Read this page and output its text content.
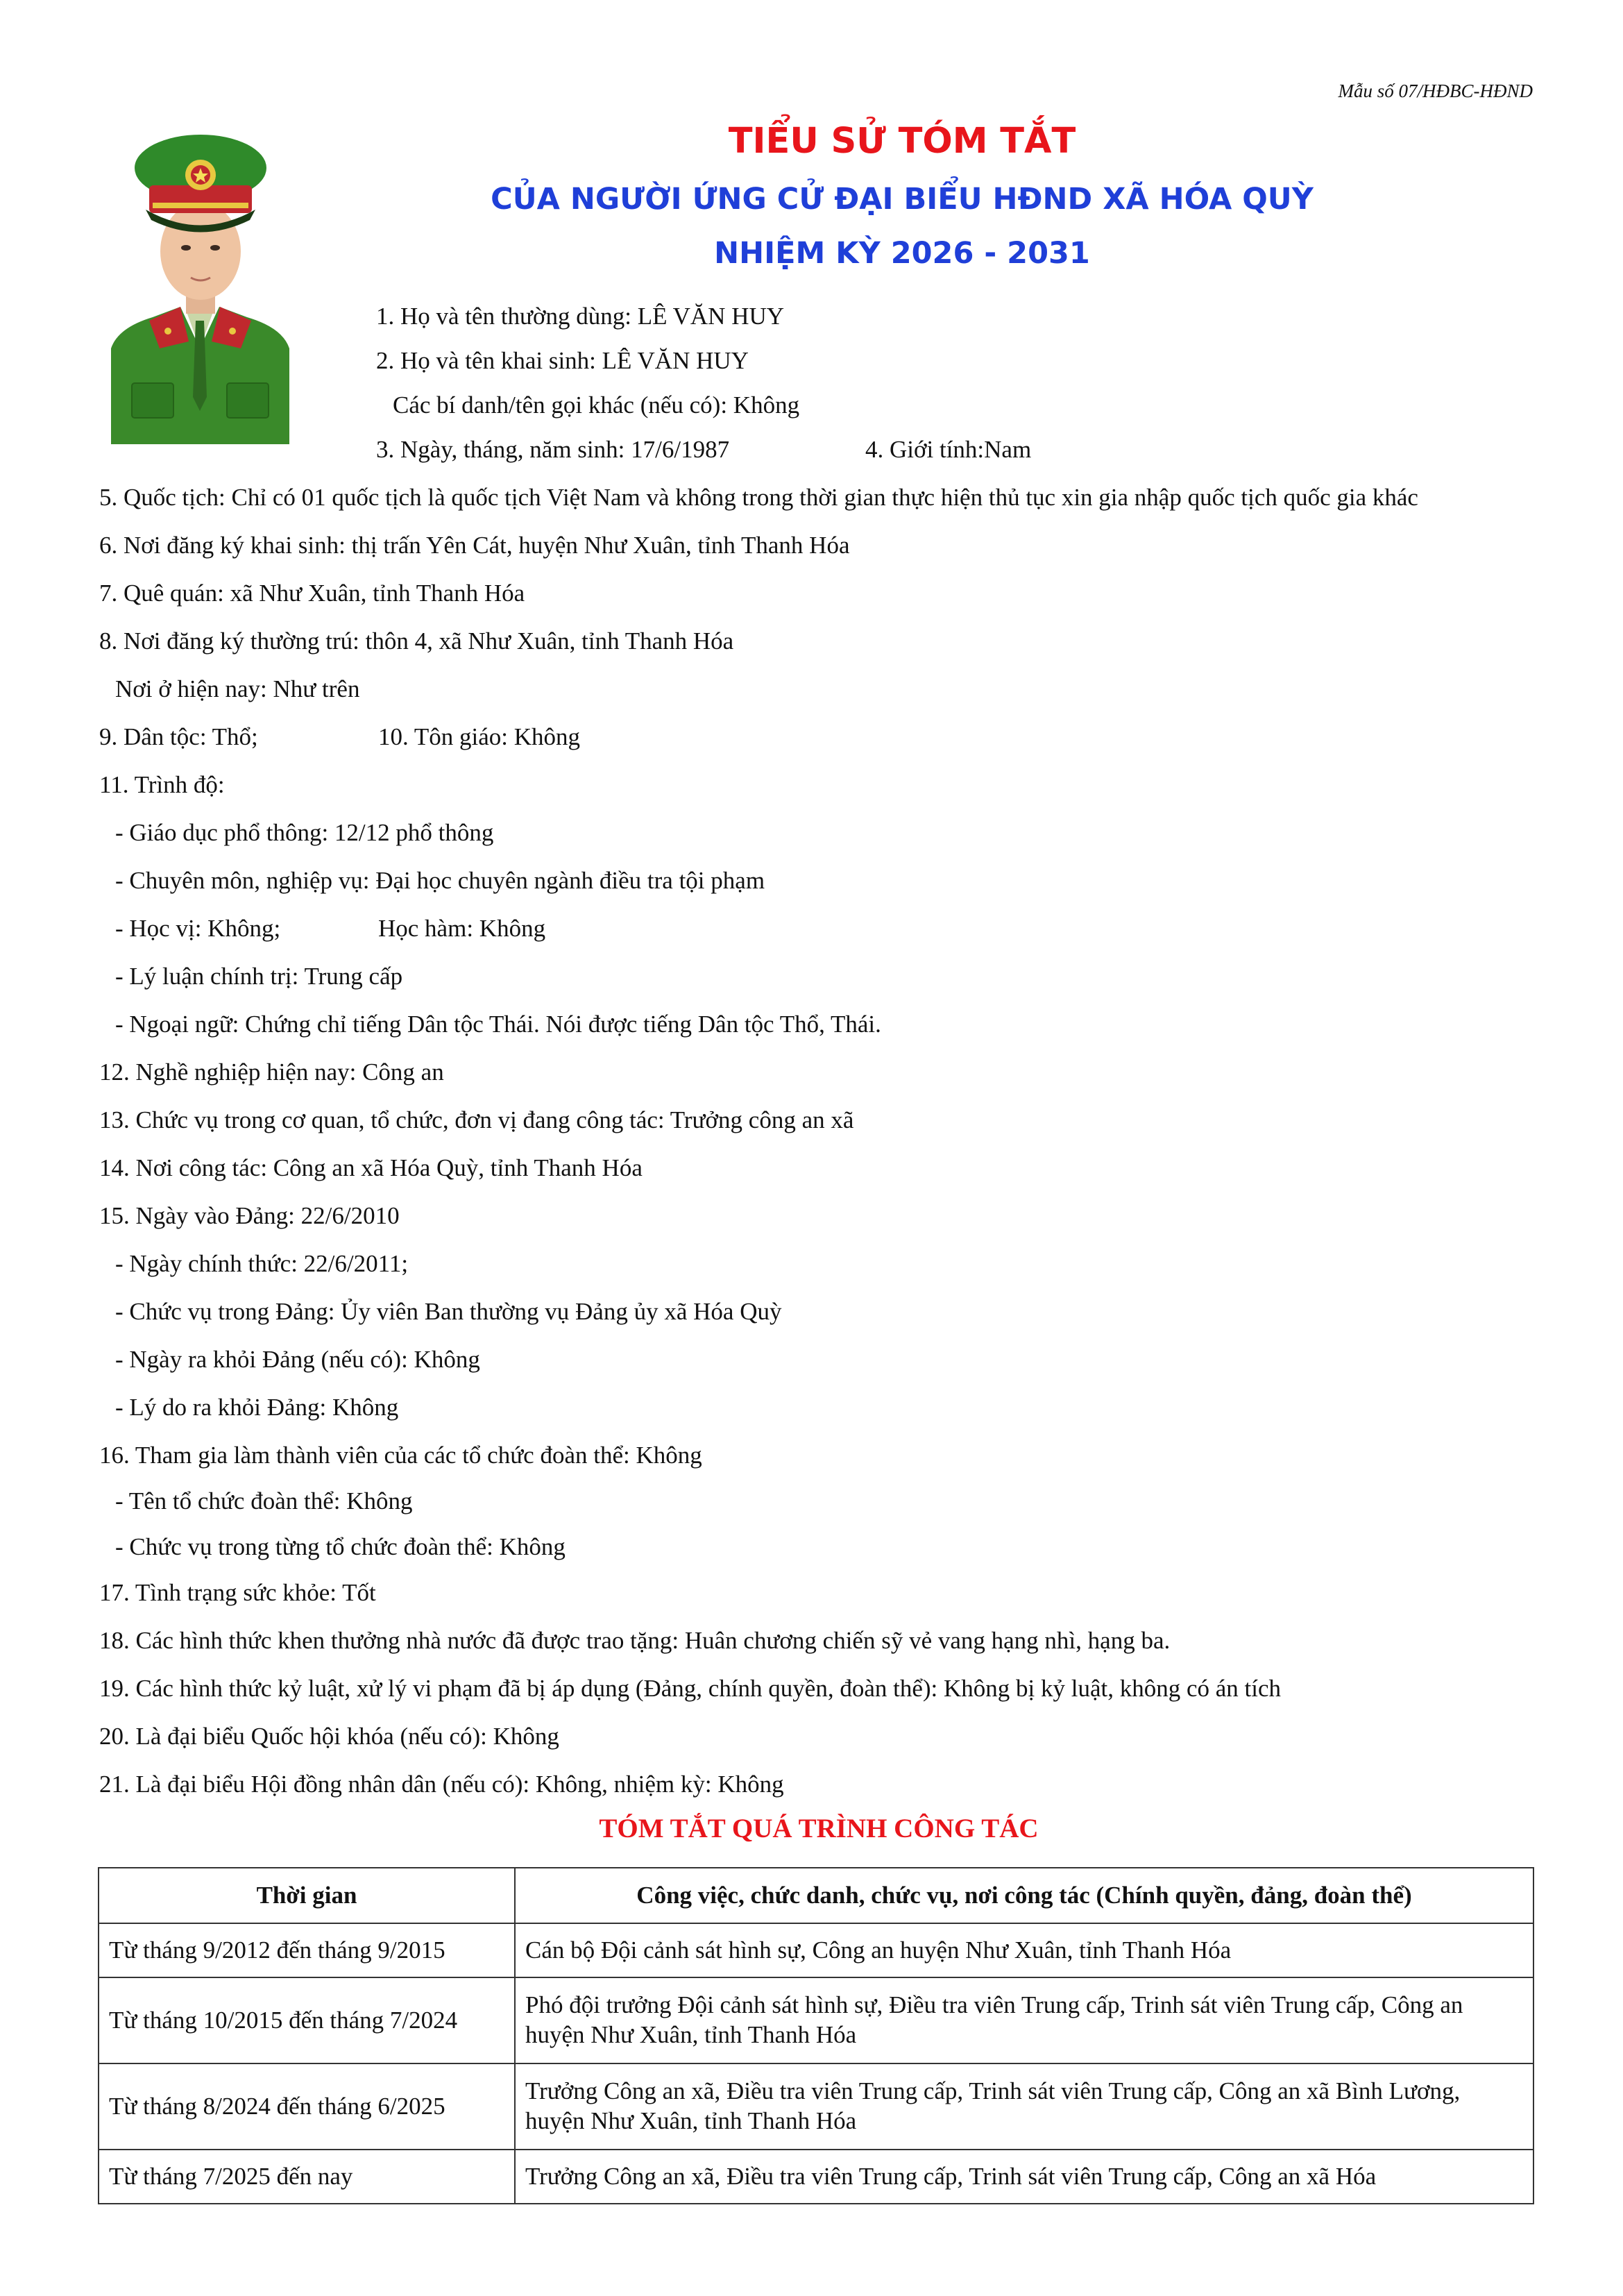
Mẫu số 07/HĐBC-HĐND
TIỂU SỬ TÓM TẮT
CỦA NGƯỜI ỨNG CỬ ĐẠI BIỂU HĐND XÃ HÓA QUỲ
NHIỆM KỲ 2026 - 2031
1. Họ và tên thường dùng: LÊ VĂN HUY
2. Họ và tên khai sinh: LÊ VĂN HUY
Các bí danh/tên gọi khác (nếu có): Không
3. Ngày, tháng, năm sinh: 17/6/1987	4. Giới tính:Nam
5. Quốc tịch: Chỉ có 01 quốc tịch là quốc tịch Việt Nam và không trong thời gian thực hiện thủ tục xin gia nhập quốc tịch quốc gia khác
6. Nơi đăng ký khai sinh: thị trấn Yên Cát, huyện Như Xuân, tỉnh Thanh Hóa
7. Quê quán: xã Như Xuân, tỉnh Thanh Hóa
8. Nơi đăng ký thường trú: thôn 4, xã Như Xuân, tỉnh Thanh Hóa
Nơi ở hiện nay: Như trên
9. Dân tộc: Thổ;	10. Tôn giáo: Không
11. Trình độ:
- Giáo dục phổ thông: 12/12 phổ thông
- Chuyên môn, nghiệp vụ: Đại học chuyên ngành điều tra tội phạm
- Học vị: Không;	Học hàm: Không
- Lý luận chính trị: Trung cấp
- Ngoại ngữ: Chứng chỉ tiếng Dân tộc Thái. Nói được tiếng Dân tộc Thổ, Thái.
12. Nghề nghiệp hiện nay: Công an
13. Chức vụ trong cơ quan, tổ chức, đơn vị đang công tác: Trưởng công an xã
14. Nơi công tác: Công an xã Hóa Quỳ, tỉnh Thanh Hóa
15. Ngày vào Đảng: 22/6/2010
- Ngày chính thức: 22/6/2011;
- Chức vụ trong Đảng: Ủy viên Ban thường vụ Đảng ủy xã Hóa Quỳ
- Ngày ra khỏi Đảng (nếu có): Không
- Lý do ra khỏi Đảng: Không
16. Tham gia làm thành viên của các tổ chức đoàn thể: Không
- Tên tổ chức đoàn thể: Không
- Chức vụ trong từng tổ chức đoàn thể: Không
17. Tình trạng sức khỏe: Tốt
18. Các hình thức khen thưởng nhà nước đã được trao tặng: Huân chương chiến sỹ vẻ vang hạng nhì, hạng ba.
19. Các hình thức kỷ luật, xử lý vi phạm đã bị áp dụng (Đảng, chính quyền, đoàn thể): Không bị kỷ luật, không có án tích
20. Là đại biểu Quốc hội khóa (nếu có): Không
21. Là đại biểu Hội đồng nhân dân (nếu có): Không, nhiệm kỳ: Không
TÓM TẮT QUÁ TRÌNH CÔNG TÁC
Thời gian	Công việc, chức danh, chức vụ, nơi công tác (Chính quyền, đảng, đoàn thể)
Từ tháng 9/2012 đến tháng 9/2015	Cán bộ Đội cảnh sát hình sự, Công an huyện Như Xuân, tỉnh Thanh Hóa
Từ tháng 10/2015 đến tháng 7/2024	Phó đội trưởng Đội cảnh sát hình sự, Điều tra viên Trung cấp, Trinh sát viên Trung cấp, Công an huyện Như Xuân, tỉnh Thanh Hóa
Từ tháng 8/2024 đến tháng 6/2025	Trưởng Công an xã, Điều tra viên Trung cấp, Trinh sát viên Trung cấp, Công an xã Bình Lương, huyện Như Xuân, tỉnh Thanh Hóa
Từ tháng 7/2025 đến nay	Trưởng Công an xã, Điều tra viên Trung cấp, Trinh sát viên Trung cấp, Công an xã Hóa
